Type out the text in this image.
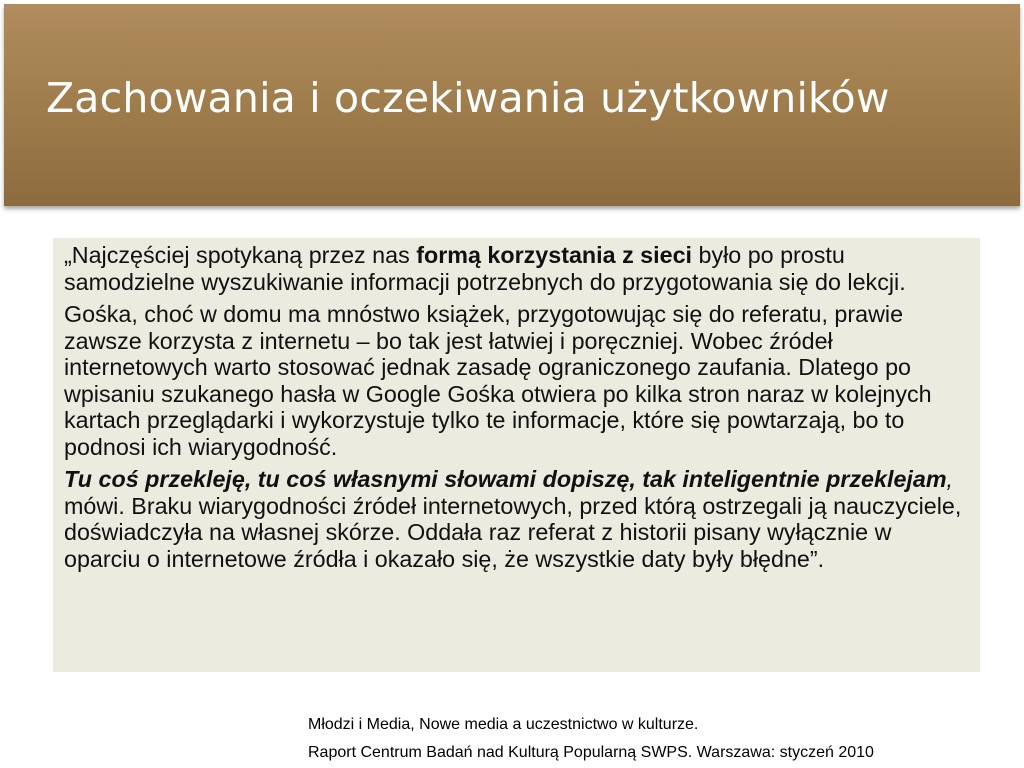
Zachowania i oczekiwania użytkowników

„Najczęściej spotykaną przez nas formą korzystania z sieci było po prostu samodzielne wyszukiwanie informacji potrzebnych do przygotowania się do lekcji.

Gośka, choć w domu ma mnóstwo książek, przygotowując się do referatu, prawie zawsze korzysta z internetu – bo tak jest łatwiej i poręczniej. Wobec źródeł internetowych warto stosować jednak zasadę ograniczonego zaufania. Dlatego po wpisaniu szukanego hasła w Google Gośka otwiera po kilka stron naraz w kolejnych kartach przeglądarki i wykorzystuje tylko te informacje, które się powtarzają, bo to podnosi ich wiarygodność.

Tu coś przekleję, tu coś własnymi słowami dopiszę, tak inteligentnie przeklejam, mówi. Braku wiarygodności źródeł internetowych, przed którą ostrzegali ją nauczyciele, doświadczyła na własnej skórze. Oddała raz referat z historii pisany wyłącznie w oparciu o internetowe źródła i okazało się, że wszystkie daty były błędne”.

Młodzi i Media, Nowe media a uczestnictwo w kulturze.
Raport Centrum Badań nad Kulturą Popularną SWPS. Warszawa: styczeń 2010
